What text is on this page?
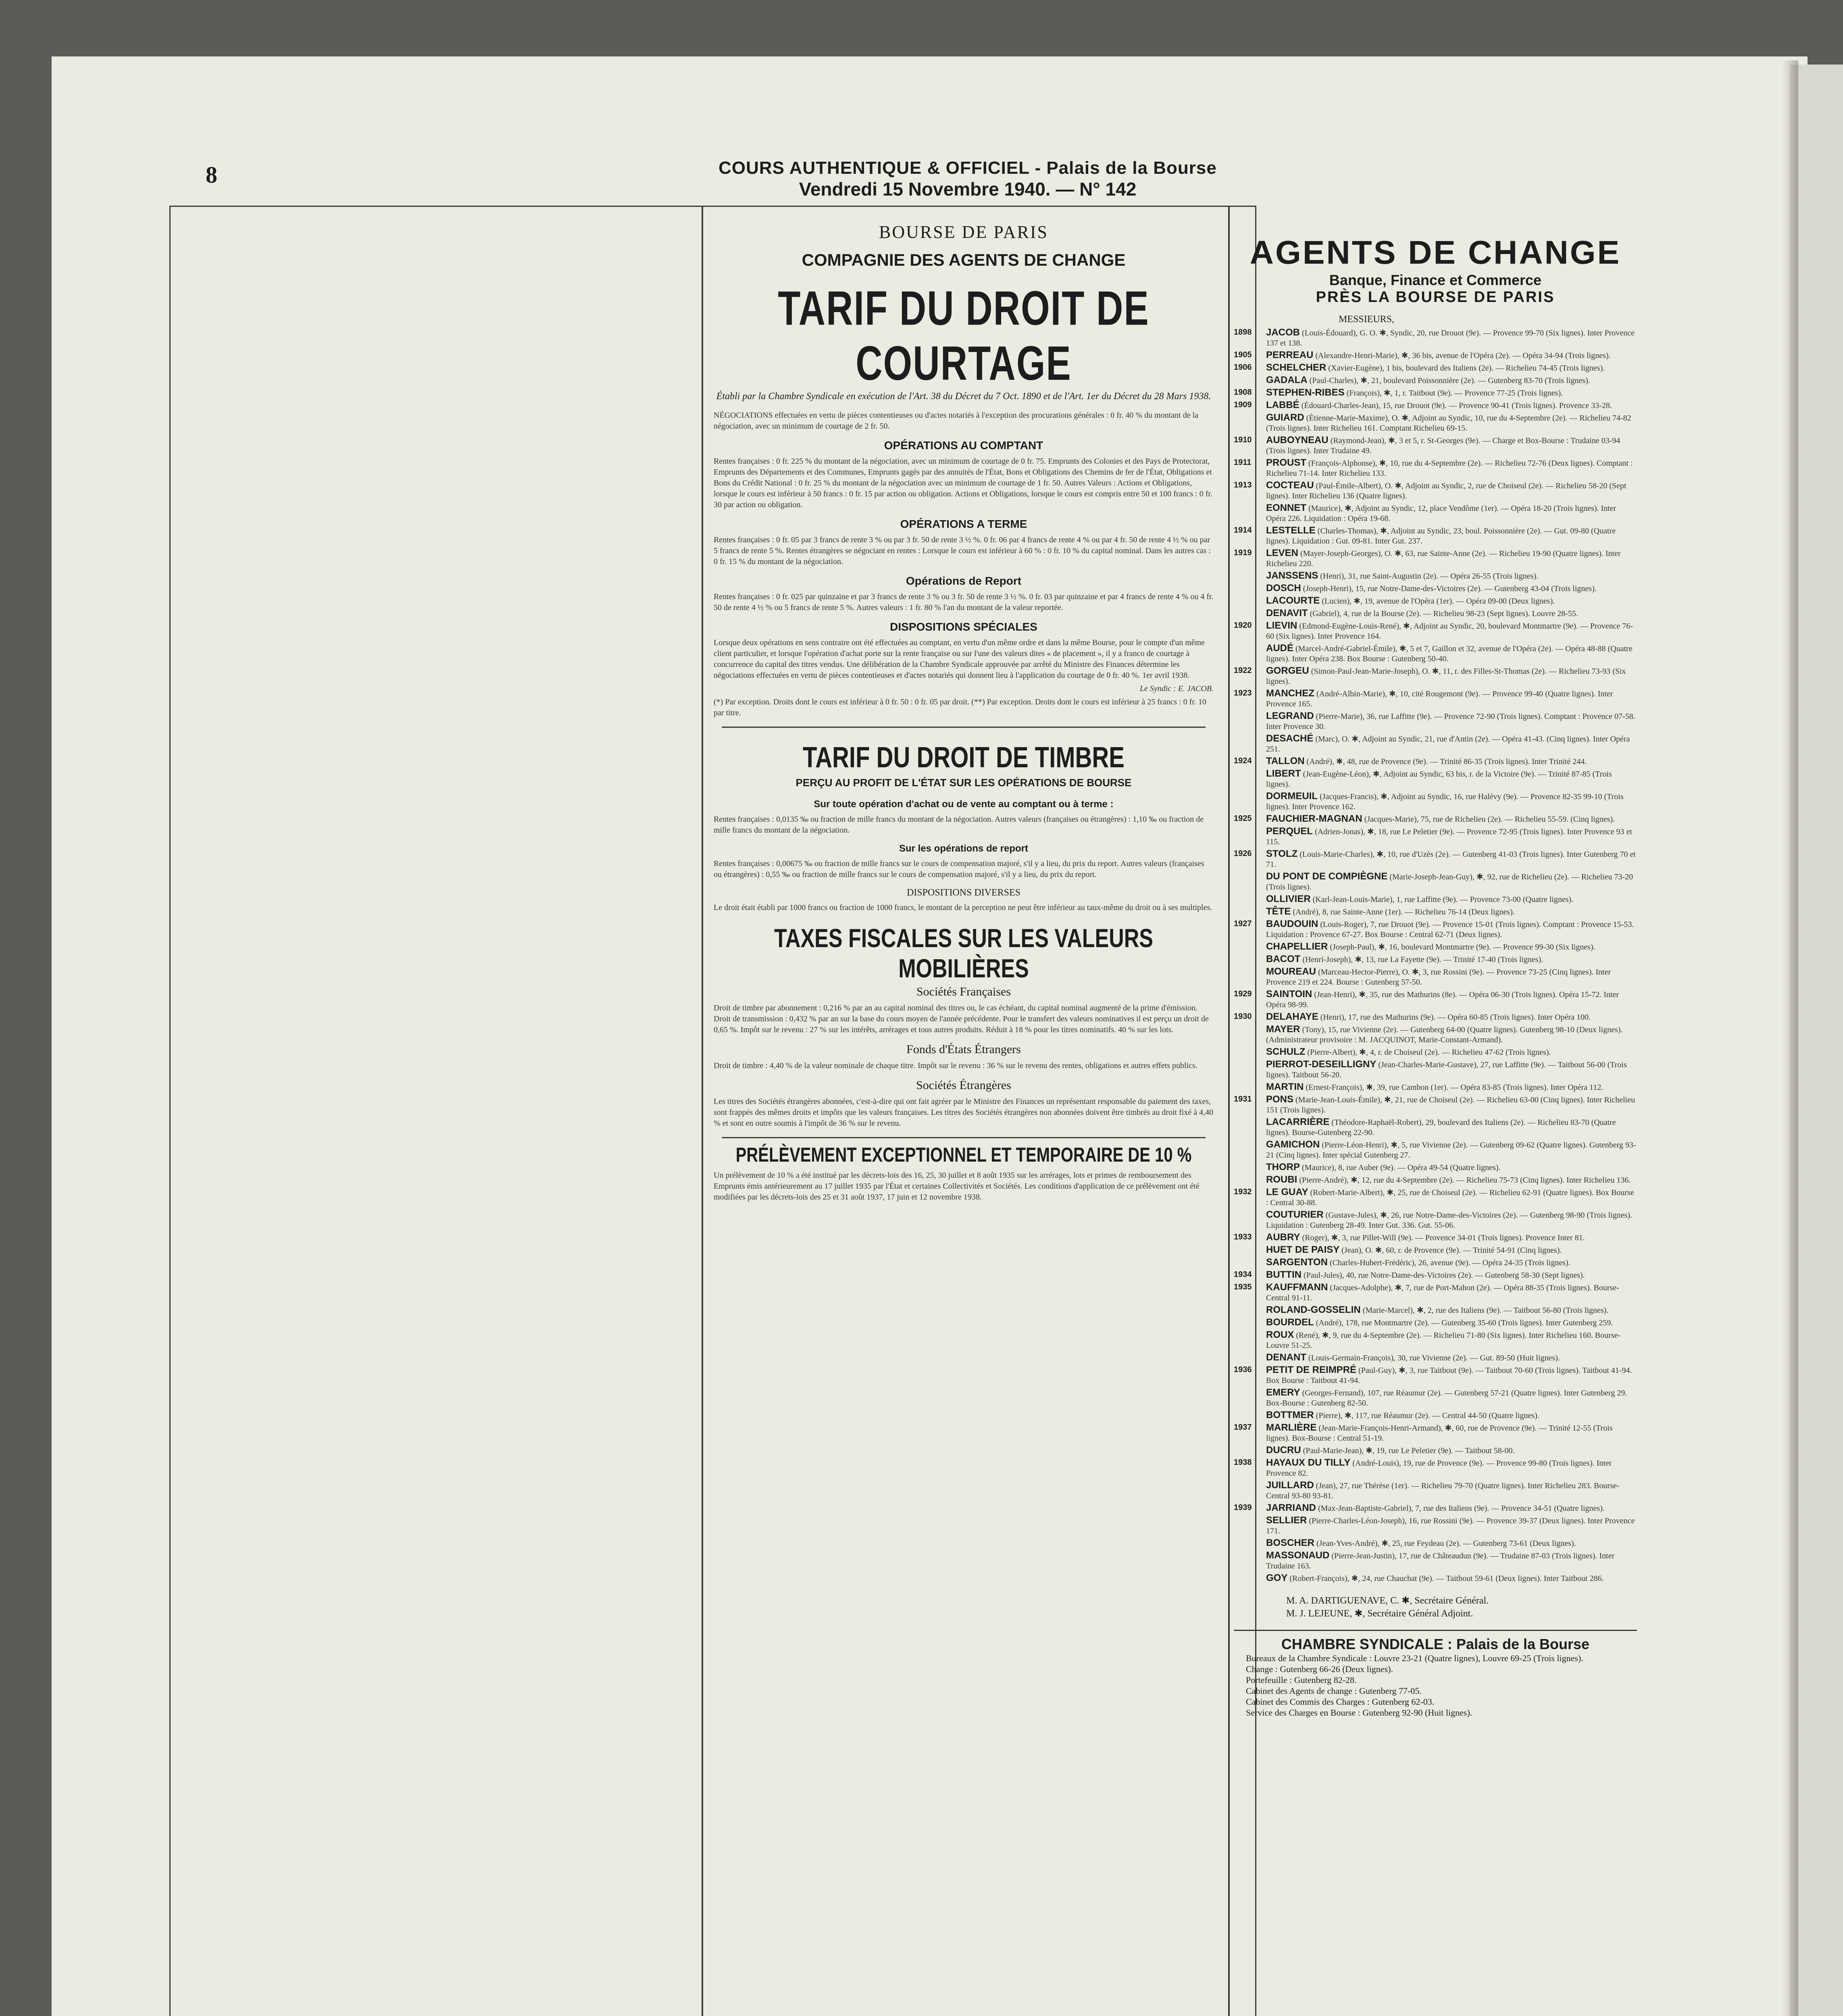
8	COURS AUTHENTIQUE & OFFICIEL - Palais de la Bourse
Vendredi 15 Novembre 1940. — N° 142
BOURSE DE PARIS
COMPAGNIE DES AGENTS DE CHANGE
TARIF DU DROIT DE COURTAGE
Établi par la Chambre Syndicale en exécution de l'Art. 38 du Décret du 7 Oct. 1890 et de l'Art. 1er du Décret du 28 Mars 1938.
NÉGOCIATIONS effectuées en vertu de pièces contentieuses ou d'actes notariés à l'exception des procurations générales : 0 fr. 40 % du montant de la négociation, avec un minimum de courtage de 2 fr. 50.
OPÉRATIONS AU COMPTANT
Rentes françaises : 0 fr. 225 % du montant de la négociation, avec un minimum de courtage de 0 fr. 75. Emprunts des Colonies et des Pays de Protectorat, Emprunts des Départements et des Communes, Emprunts gagés par des annuités de l'État, Bons et Obligations des Chemins de fer de l'État, Obligations et Bons du Crédit National : 0 fr. 25 % du montant de la négociation avec un minimum de courtage de 1 fr. 50. Autres Valeurs : Actions et Obligations, lorsque le cours est inférieur à 50 francs : 0 fr. 15 par action ou obligation. Actions et Obligations, lorsque le cours est compris entre 50 et 100 francs : 0 fr. 30 par action ou obligation.
OPÉRATIONS A TERME
Rentes françaises : 0 fr. 05 par 3 francs de rente 3 % ou par 3 fr. 50 de rente 3 ½ %. 0 fr. 06 par 4 francs de rente 4 % ou par 4 fr. 50 de rente 4 ½ % ou par 5 francs de rente 5 %. Rentes étrangères se négociant en rentes : Lorsque le cours est inférieur à 60 % : 0 fr. 10 % du capital nominal. Dans les autres cas : 0 fr. 15 % du montant de la négociation.
Opérations de Report
Rentes françaises : 0 fr. 025 par quinzaine et par 3 francs de rente 3 % ou 3 fr. 50 de rente 3 ½ %. 0 fr. 03 par quinzaine et par 4 francs de rente 4 % ou 4 fr. 50 de rente 4 ½ % ou 5 francs de rente 5 %. Autres valeurs : 1 fr. 80 % l'an du montant de la valeur reportée.
DISPOSITIONS SPÉCIALES
Lorsque deux opérations en sens contraire ont été effectuées au comptant, en vertu d'un même ordre et dans la même Bourse, pour le compte d'un même client particulier, et lorsque l'opération d'achat porte sur la rente française ou sur l'une des valeurs dites « de placement », il y a franco de courtage à concurrence du capital des titres vendus. Une délibération de la Chambre Syndicale approuvée par arrêté du Ministre des Finances détermine les négociations effectuées en vertu de pièces contentieuses et d'actes notariés qui donnent lieu à l'application du courtage de 0 fr. 40 %. 1er avril 1938.
Le Syndic : E. JACOB.
(*) Par exception. Droits dont le cours est inférieur à 0 fr. 50 : 0 fr. 05 par droit. (**) Par exception. Droits dont le cours est inférieur à 25 francs : 0 fr. 10 par titre.
TARIF DU DROIT DE TIMBRE
PERÇU AU PROFIT DE L'ÉTAT SUR LES OPÉRATIONS DE BOURSE
Sur toute opération d'achat ou de vente au comptant ou à terme :
Rentes françaises : 0,0135 ‰ ou fraction de mille francs du montant de la négociation. Autres valeurs (françaises ou étrangères) : 1,10 ‰ ou fraction de mille francs du montant de la négociation.
Sur les opérations de report
Rentes françaises : 0,00675 ‰ ou fraction de mille francs sur le cours de compensation majoré, s'il y a lieu, du prix du report. Autres valeurs (françaises ou étrangères) : 0,55 ‰ ou fraction de mille francs sur le cours de compensation majoré, s'il y a lieu, du prix du report.
DISPOSITIONS DIVERSES
Le droit était établi par 1000 francs ou fraction de 1000 francs, le montant de la perception ne peut être inférieur au taux-même du droit ou à ses multiples.
TAXES FISCALES SUR LES VALEURS MOBILIÈRES
Sociétés Françaises
Droit de timbre par abonnement : 0,216 % par an au capital nominal des titres ou, le cas échéant, du capital nominal augmenté de la prime d'émission. Droit de transmission : 0,432 % par an sur la base du cours moyen de l'année précédente. Pour le transfert des valeurs nominatives il est perçu un droit de 0,65 %. Impôt sur le revenu : 27 % sur les intérêts, arrérages et tous autres produits. Réduit à 18 % pour les titres nominatifs. 40 % sur les lots.
Fonds d'États Étrangers
Droit de timbre : 4,40 % de la valeur nominale de chaque titre. Impôt sur le revenu : 36 % sur le revenu des rentes, obligations et autres effets publics.
Sociétés Étrangères
Les titres des Sociétés étrangères abonnées, c'est-à-dire qui ont fait agréer par le Ministre des Finances un représentant responsable du paiement des taxes, sont frappés des mêmes droits et impôts que les valeurs françaises. Les titres des Sociétés étrangères non abonnées doivent être timbrés au droit fixé à 4,40 % et sont en outre soumis à l'impôt de 36 % sur le revenu.
PRÉLÈVEMENT EXCEPTIONNEL ET TEMPORAIRE DE 10 %
Un prélèvement de 10 % a été institué par les décrets-lois des 16, 25, 30 juillet et 8 août 1935 sur les arrérages, lots et primes de remboursement des Emprunts émis antérieurement au 17 juillet 1935 par l'État et certaines Collectivités et Sociétés. Les conditions d'application de ce prélèvement ont été modifiées par les décrets-lois des 25 et 31 août 1937, 17 juin et 12 novembre 1938.
AGENTS DE CHANGE
Banque, Finance et Commerce
PRÈS LA BOURSE DE PARIS
MESSIEURS,
1898 JACOB (Louis-Édouard), G. O. ✱, Syndic, 20, rue Drouot (9e). — Provence 99-70 (Six lignes). Inter Provence 137 et 138.
1905 PERREAU (Alexandre-Henri-Marie), ✱, 36 bis, avenue de l'Opéra (2e). — Opéra 34-94 (Trois lignes).
1906 SCHELCHER (Xavier-Eugène), 1 bis, boulevard des Italiens (2e). — Richelieu 74-45 (Trois lignes).
GADALA (Paul-Charles), ✱, 21, boulevard Poissonnière (2e). — Gutenberg 83-70 (Trois lignes).
1908 STEPHEN-RIBES (François), ✱, 1, r. Taitbout (9e). — Provence 77-25 (Trois lignes).
1909 LABBÉ (Édouard-Charles-Jean), 15, rue Drouot (9e). — Provence 90-41 (Trois lignes). Provence 33-28.
GUIARD (Étienne-Marie-Maxime), O. ✱, Adjoint au Syndic, 10, rue du 4-Septembre (2e). — Richelieu 74-82 (Trois lignes). Inter Richelieu 161. Comptant Richelieu 69-15.
1910 AUBOYNEAU (Raymond-Jean), ✱, 3 et 5, r. St-Georges (9e). — Charge et Box-Bourse : Trudaine 03-94 (Trois lignes). Inter Trudaine 49.
1911 PROUST (François-Alphonse), ✱, 10, rue du 4-Septembre (2e). — Richelieu 72-76 (Deux lignes). Comptant : Richelieu 71-14. Inter Richelieu 133.
1913 COCTEAU (Paul-Émile-Albert), O. ✱, Adjoint au Syndic, 2, rue de Choiseul (2e). — Richelieu 58-20 (Sept lignes). Inter Richelieu 136 (Quatre lignes).
EONNET (Maurice), ✱, Adjoint au Syndic, 12, place Vendôme (1er). — Opéra 18-20 (Trois lignes). Inter Opéra 226. Liquidation : Opéra 19-68.
1914 LESTELLE (Charles-Thomas), ✱, Adjoint au Syndic, 23, boul. Poissonnière (2e). — Gut. 09-80 (Quatre lignes). Liquidation : Gut. 09-81. Inter Gut. 237.
1919 LEVEN (Mayer-Joseph-Georges), O. ✱, 63, rue Sainte-Anne (2e). — Richelieu 19-90 (Quatre lignes). Inter Richelieu 220.
JANSSENS (Henri), 31, rue Saint-Augustin (2e). — Opéra 26-55 (Trois lignes).
DOSCH (Joseph-Henri), 15, rue Notre-Dame-des-Victoires (2e). — Gutenberg 43-04 (Trois lignes).
LACOURTE (Lucien), ✱, 19, avenue de l'Opéra (1er). — Opéra 09-00 (Deux lignes).
DENAVIT (Gabriel), 4, rue de la Bourse (2e). — Richelieu 98-23 (Sept lignes). Louvre 28-55.
1920 LIEVIN (Edmond-Eugène-Louis-René), ✱, Adjoint au Syndic, 20, boulevard Montmartre (9e). — Provence 76-60 (Six lignes). Inter Provence 164.
AUDÉ (Marcel-André-Gabriel-Émile), ✱, 5 et 7, Gaillon et 32, avenue de l'Opéra (2e). — Opéra 48-88 (Quatre lignes). Inter Opéra 238. Box Bourse : Gutenberg 50-40.
1922 GORGEU (Simon-Paul-Jean-Marie-Joseph), O. ✱, 11, r. des Filles-St-Thomas (2e). — Richelieu 73-93 (Six lignes).
1923 MANCHEZ (André-Albin-Marie), ✱, 10, cité Rougemont (9e). — Provence 99-40 (Quatre lignes). Inter Provence 165.
LEGRAND (Pierre-Marie), 36, rue Laffitte (9e). — Provence 72-90 (Trois lignes). Comptant : Provence 07-58. Inter Provence 30.
DESACHÉ (Marc), O. ✱, Adjoint au Syndic, 21, rue d'Antin (2e). — Opéra 41-43. (Cinq lignes). Inter Opéra 251.
1924 TALLON (André), ✱, 48, rue de Provence (9e). — Trinité 86-35 (Trois lignes). Inter Trinité 244.
LIBERT (Jean-Eugène-Léon), ✱, Adjoint au Syndic, 63 bis, r. de la Victoire (9e). — Trinité 87-85 (Trois lignes).
DORMEUIL (Jacques-Francis), ✱, Adjoint au Syndic, 16, rue Halévy (9e). — Provence 82-35 99-10 (Trois lignes). Inter Provence 162.
1925 FAUCHIER-MAGNAN (Jacques-Marie), 75, rue de Richelieu (2e). — Richelieu 55-59. (Cinq lignes).
PERQUEL (Adrien-Jonas), ✱, 18, rue Le Peletier (9e). — Provence 72-95 (Trois lignes). Inter Provence 93 et 115.
1926 STOLZ (Louis-Marie-Charles), ✱, 10, rue d'Uzès (2e). — Gutenberg 41-03 (Trois lignes). Inter Gutenberg 70 et 71.
DU PONT DE COMPIÈGNE (Marie-Joseph-Jean-Guy), ✱, 92, rue de Richelieu (2e). — Richelieu 73-20 (Trois lignes).
OLLIVIER (Karl-Jean-Louis-Marie), 1, rue Laffitte (9e). — Provence 73-00 (Quatre lignes).
TÊTE (André), 8, rue Sainte-Anne (1er). — Richelieu 76-14 (Deux lignes).
1927 BAUDOUIN (Louis-Roger), 7, rue Drouot (9e). — Provence 15-01 (Trois lignes). Comptant : Provence 15-53. Liquidation : Provence 67-27. Box Bourse : Central 62-71 (Deux lignes).
CHAPELLIER (Joseph-Paul), ✱, 16, boulevard Montmartre (9e). — Provence 99-30 (Six lignes).
BACOT (Henri-Joseph), ✱, 13, rue La Fayette (9e). — Trinité 17-40 (Trois lignes).
MOUREAU (Marceau-Hector-Pierre), O. ✱, 3, rue Rossini (9e). — Provence 73-25 (Cinq lignes). Inter Provence 219 et 224. Bourse : Gutenberg 57-50.
1929 SAINTOIN (Jean-Henri), ✱, 35, rue des Mathurins (8e). — Opéra 06-30 (Trois lignes). Opéra 15-72. Inter Opéra 98-99.
1930 DELAHAYE (Henri), 17, rue des Mathurins (9e). — Opéra 60-85 (Trois lignes). Inter Opéra 100.
MAYER (Tony), 15, rue Vivienne (2e). — Gutenberg 64-00 (Quatre lignes). Gutenberg 98-10 (Deux lignes). (Administrateur provisoire : M. JACQUINOT, Marie-Constant-Armand).
SCHULZ (Pierre-Albert), ✱, 4, r. de Choiseul (2e). — Richelieu 47-62 (Trois lignes).
PIERROT-DESEILLIGNY (Jean-Charles-Marie-Gustave), 27, rue Laffitte (9e). — Taitbout 56-00 (Trois lignes). Taitbout 56-20.
MARTIN (Ernest-François), ✱, 39, rue Cambon (1er). — Opéra 83-85 (Trois lignes). Inter Opéra 112.
1931 PONS (Marie-Jean-Louis-Émile), ✱, 21, rue de Choiseul (2e). — Richelieu 63-00 (Cinq lignes). Inter Richelieu 151 (Trois lignes).
LACARRIÈRE (Théodore-Raphaël-Robert), 29, boulevard des Italiens (2e). — Richelieu 83-70 (Quatre lignes). Bourse-Gutenberg 22-90.
GAMICHON (Pierre-Léon-Henri), ✱, 5, rue Vivienne (2e). — Gutenberg 09-62 (Quatre lignes). Gutenberg 93-21 (Cinq lignes). Inter spécial Gutenberg 27.
THORP (Maurice), 8, rue Auber (9e). — Opéra 49-54 (Quatre lignes).
ROUBI (Pierre-André), ✱, 12, rue du 4-Septembre (2e). — Richelieu 75-73 (Cinq lignes). Inter Richelieu 136.
1932 LE GUAY (Robert-Marie-Albert), ✱, 25, rue de Choiseul (2e). — Richelieu 62-91 (Quatre lignes). Box Bourse : Central 30-88.
COUTURIER (Gustave-Jules), ✱, 26, rue Notre-Dame-des-Victoires (2e). — Gutenberg 98-90 (Trois lignes). Liquidation : Gutenberg 28-49. Inter Gut. 336. Gut. 55-06.
1933 AUBRY (Roger), ✱, 3, rue Pillet-Will (9e). — Provence 34-01 (Trois lignes). Provence Inter 81.
HUET DE PAISY (Jean), O. ✱, 60, r. de Provence (9e). — Trinité 54-91 (Cinq lignes).
SARGENTON (Charles-Hubert-Frédéric), 26, avenue (9e). — Opéra 24-35 (Trois lignes).
1934 BUTTIN (Paul-Jules), 40, rue Notre-Dame-des-Victoires (2e). — Gutenberg 58-30 (Sept lignes).
1935 KAUFFMANN (Jacques-Adolphe), ✱, 7, rue de Port-Mahon (2e). — Opéra 88-35 (Trois lignes). Bourse-Central 91-11.
ROLAND-GOSSELIN (Marie-Marcel), ✱, 2, rue des Italiens (9e). — Taitbout 56-80 (Trois lignes).
BOURDEL (André), 178, rue Montmartre (2e). — Gutenberg 35-60 (Trois lignes). Inter Gutenberg 259.
ROUX (René), ✱, 9, rue du 4-Septembre (2e). — Richelieu 71-80 (Six lignes). Inter Richelieu 160. Bourse-Louvre 51-25.
DENANT (Louis-Germain-François), 30, rue Vivienne (2e). — Gut. 89-50 (Huit lignes).
1936 PETIT DE REIMPRÉ (Paul-Guy), ✱, 3, rue Taitbout (9e). — Taitbout 70-60 (Trois lignes). Taitbout 41-94. Box Bourse : Taitbout 41-94.
EMERY (Georges-Fernand), 107, rue Réaumur (2e). — Gutenberg 57-21 (Quatre lignes). Inter Gutenberg 29. Box-Bourse : Gutenberg 82-50.
BOTTMER (Pierre), ✱, 117, rue Réaumur (2e). — Central 44-50 (Quatre lignes).
1937 MARLIÈRE (Jean-Marie-François-Henri-Armand), ✱, 60, rue de Provence (9e). — Trinité 12-55 (Trois lignes). Box-Bourse : Central 51-19.
DUCRU (Paul-Marie-Jean), ✱, 19, rue Le Peletier (9e). — Taitbout 58-00.
1938 HAYAUX DU TILLY (André-Louis), 19, rue de Provence (9e). — Provence 99-80 (Trois lignes). Inter Provence 82.
JUILLARD (Jean), 27, rue Thérèse (1er). — Richelieu 79-70 (Quatre lignes). Inter Richelieu 283. Bourse-Central 93-80 93-81.
1939 JARRIAND (Max-Jean-Baptiste-Gabriel), 7, rue des Italiens (9e). — Provence 34-51 (Quatre lignes).
SELLIER (Pierre-Charles-Léon-Joseph), 16, rue Rossini (9e). — Provence 39-37 (Deux lignes). Inter Provence 171.
BOSCHER (Jean-Yves-André), ✱, 25, rue Feydeau (2e). — Gutenberg 73-61 (Deux lignes).
MASSONAUD (Pierre-Jean-Justin), 17, rue de Châteaudun (9e). — Trudaine 87-03 (Trois lignes). Inter Trudaine 163.
GOY (Robert-François), ✱, 24, rue Chauchat (9e). — Taitbout 59-61 (Deux lignes). Inter Taitbout 286.
M. A. DARTIGUENAVE, C. ✱, Secrétaire Général.
M. J. LEJEUNE, ✱, Secrétaire Général Adjoint.
CHAMBRE SYNDICALE : Palais de la Bourse
Bureaux de la Chambre Syndicale : Louvre 23-21 (Quatre lignes), Louvre 69-25 (Trois lignes).
Change : Gutenberg 66-26 (Deux lignes).
Portefeuille : Gutenberg 82-28.
Cabinet des Agents de change : Gutenberg 77-05.
Cabinet des Commis des Charges : Gutenberg 62-03.
Service des Charges en Bourse : Gutenberg 92-90 (Huit lignes).
